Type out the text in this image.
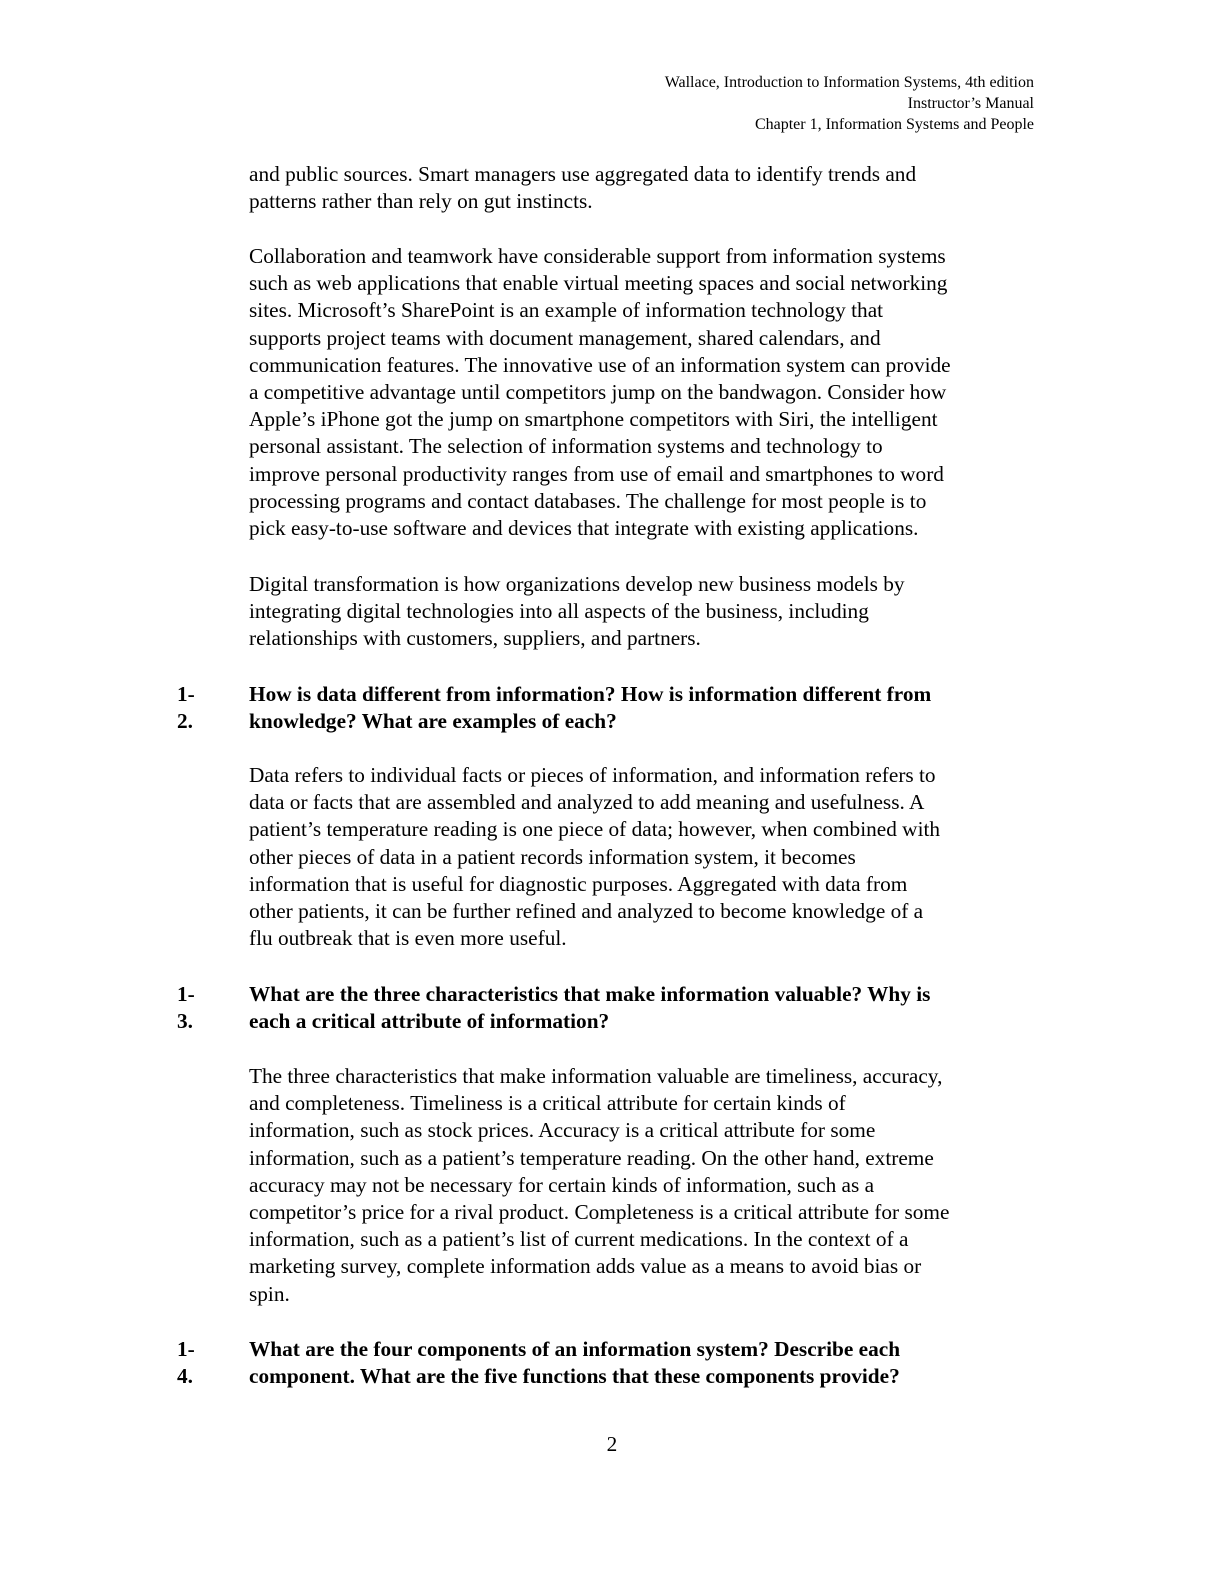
Wallace, Introduction to Information Systems, 4th edition
Instructor’s Manual
Chapter 1, Information Systems and People
and public sources. Smart managers use aggregated data to identify trends and
patterns rather than rely on gut instincts.
Collaboration and teamwork have considerable support from information systems
such as web applications that enable virtual meeting spaces and social networking
sites. Microsoft’s SharePoint is an example of information technology that
supports project teams with document management, shared calendars, and
communication features. The innovative use of an information system can provide
a competitive advantage until competitors jump on the bandwagon. Consider how
Apple’s iPhone got the jump on smartphone competitors with Siri, the intelligent
personal assistant. The selection of information systems and technology to
improve personal productivity ranges from use of email and smartphones to word
processing programs and contact databases. The challenge for most people is to
pick easy-to-use software and devices that integrate with existing applications.
Digital transformation is how organizations develop new business models by
integrating digital technologies into all aspects of the business, including
relationships with customers, suppliers, and partners.
1-2.
How is data different from information? How is information different from
knowledge? What are examples of each?
Data refers to individual facts or pieces of information, and information refers to
data or facts that are assembled and analyzed to add meaning and usefulness. A
patient’s temperature reading is one piece of data; however, when combined with
other pieces of data in a patient records information system, it becomes
information that is useful for diagnostic purposes. Aggregated with data from
other patients, it can be further refined and analyzed to become knowledge of a
flu outbreak that is even more useful.
1-3.
What are the three characteristics that make information valuable? Why is
each a critical attribute of information?
The three characteristics that make information valuable are timeliness, accuracy,
and completeness. Timeliness is a critical attribute for certain kinds of
information, such as stock prices. Accuracy is a critical attribute for some
information, such as a patient’s temperature reading. On the other hand, extreme
accuracy may not be necessary for certain kinds of information, such as a
competitor’s price for a rival product. Completeness is a critical attribute for some
information, such as a patient’s list of current medications. In the context of a
marketing survey, complete information adds value as a means to avoid bias or
spin.
1-4.
What are the four components of an information system? Describe each
component. What are the five functions that these components provide?
2
